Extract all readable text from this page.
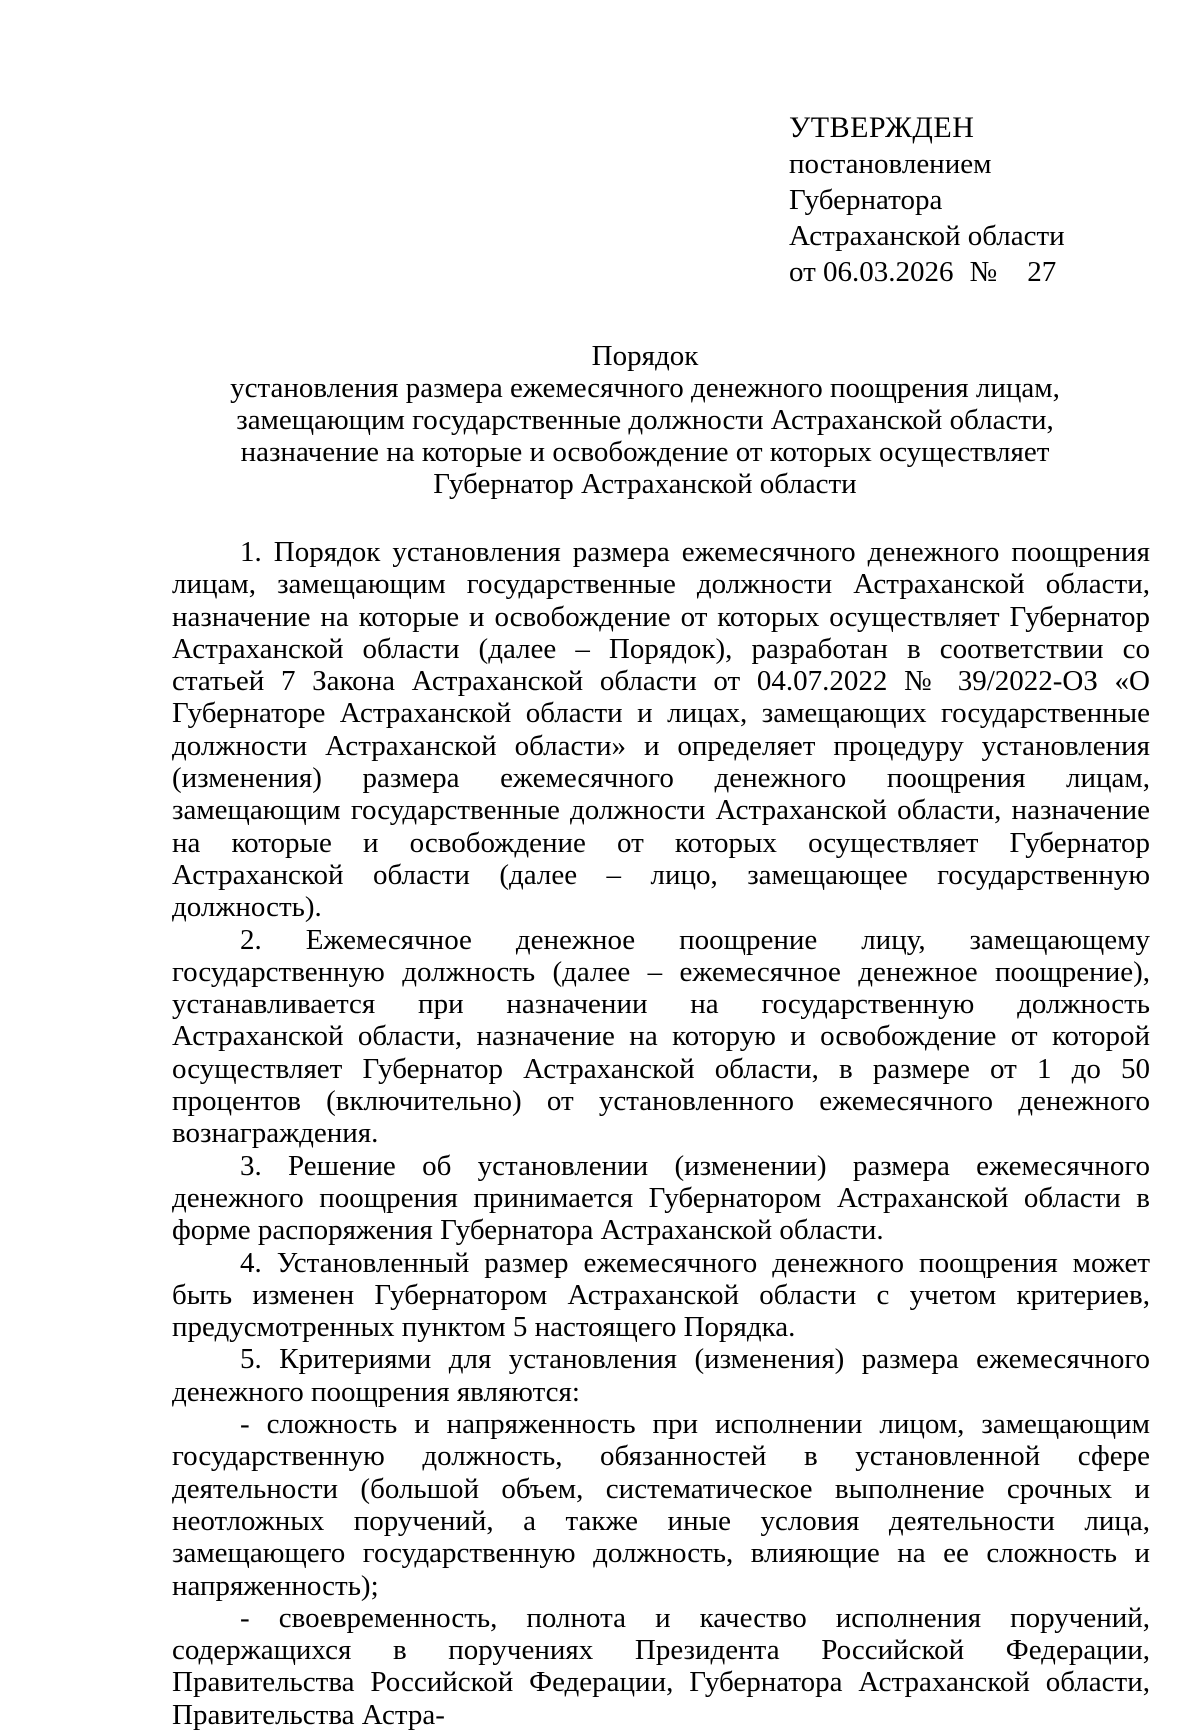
УТВЕРЖДЕН
постановлением
Губернатора
Астраханской области
от 06.03.2026 № 27
Порядок
установления размера ежемесячного денежного поощрения лицам, замещающим государственные должности Астраханской области, назначение на которые и освобождение от которых осуществляет Губернатор Астраханской области

1. Порядок установления размера ежемесячного денежного поощрения лицам, замещающим государственные должности Астраханской области, назначение на которые и освобождение от которых осуществляет Губернатор Астраханской области (далее – Порядок), разработан в соответствии со статьей 7 Закона Астраханской области от 04.07.2022 № 39/2022-ОЗ «О Губернаторе Астраханской области и лицах, замещающих государственные должности Астраханской области» и определяет процедуру установления (изменения) размера ежемесячного денежного поощрения лицам, замещающим государственные должности Астраханской области, назначение на которые и освобождение от которых осуществляет Губернатор Астраханской области (далее – лицо, замещающее государственную должность).

2. Ежемесячное денежное поощрение лицу, замещающему государственную должность (далее – ежемесячное денежное поощрение), устанавливается при назначении на государственную должность Астраханской области, назначение на которую и освобождение от которой осуществляет Губернатор Астраханской области, в размере от 1 до 50 процентов (включительно) от установленного ежемесячного денежного вознаграждения.

3. Решение об установлении (изменении) размера ежемесячного денежного поощрения принимается Губернатором Астраханской области в форме распоряжения Губернатора Астраханской области.

4. Установленный размер ежемесячного денежного поощрения может быть изменен Губернатором Астраханской области с учетом критериев, предусмотренных пунктом 5 настоящего Порядка.

5. Критериями для установления (изменения) размера ежемесячного денежного поощрения являются:

- сложность и напряженность при исполнении лицом, замещающим государственную должность, обязанностей в установленной сфере деятельности (большой объем, систематическое выполнение срочных и неотложных поручений, а также иные условия деятельности лица, замещающего государственную должность, влияющие на ее сложность и напряженность);

- своевременность, полнота и качество исполнения поручений, содержащихся в поручениях Президента Российской Федерации, Правительства Российской Федерации, Губернатора Астраханской области, Правительства Астра-
